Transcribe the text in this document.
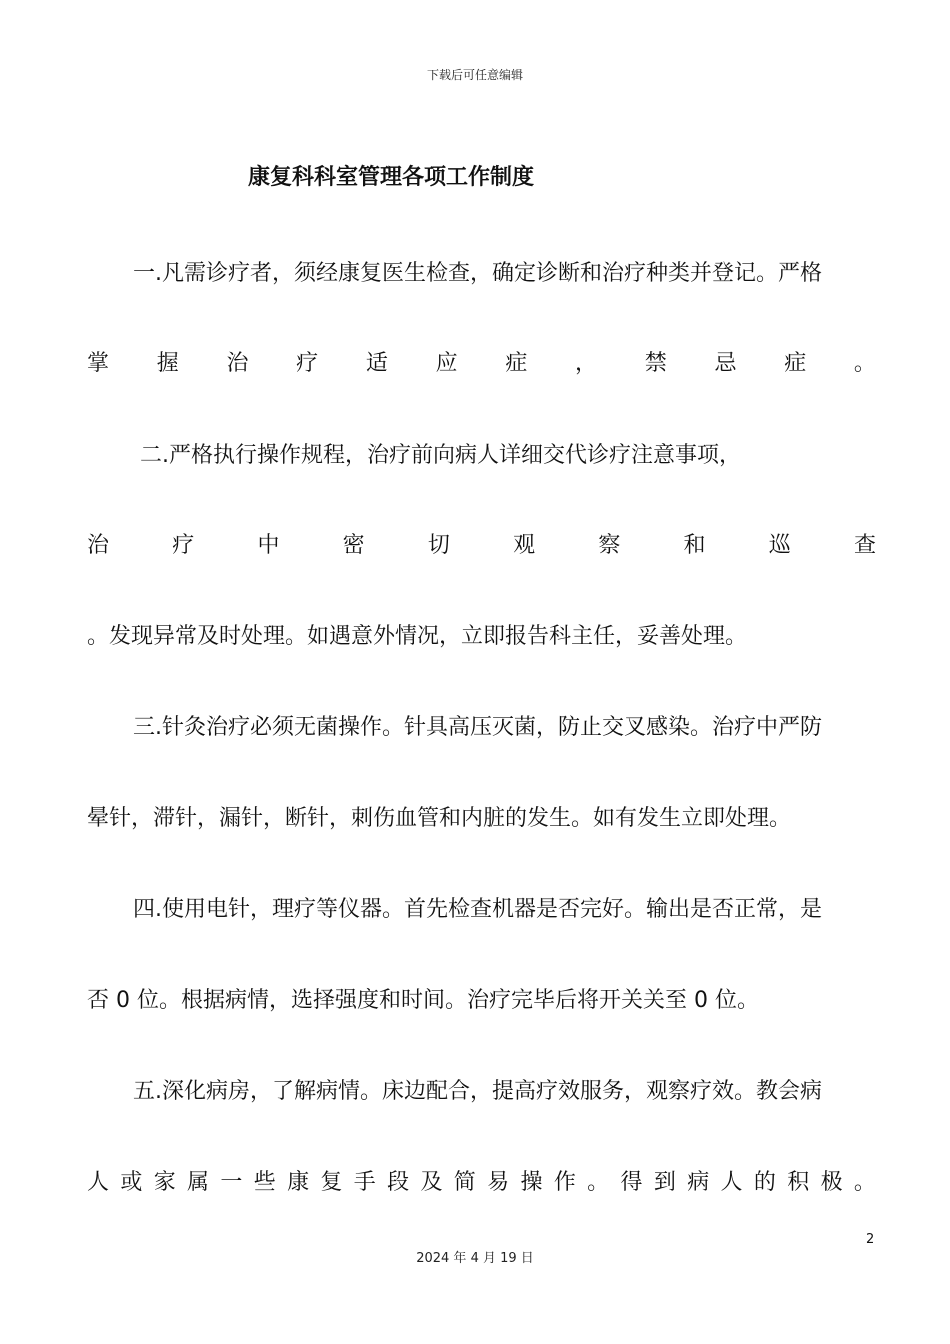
下载后可任意编辑
康复科科室管理各项工作制度
一.凡需诊疗者，须经康复医生检查，确定诊断和治疗种类并登记。严格
掌 握 治 疗 适 应 症 ， 禁 忌 症 。
二.严格执行操作规程，治疗前向病人详细交代诊疗注意事项，
治	疗	中	密	切	观	察	和	巡	查
。发现异常及时处理。如遇意外情况，立即报告科主任，妥善处理。
三.针灸治疗必须无菌操作。针具高压灭菌，防止交叉感染。治疗中严防
晕针，滞针，漏针，断针，刺伤血管和内脏的发生。如有发生立即处理。
四.使用电针，理疗等仪器。首先检查机器是否完好。输出是否正常，是
否 0 位。根据病情，选择强度和时间。治疗完毕后将开关关至 0 位。
五.深化病房，了解病情。床边配合，提高疗效服务，观察疗效。教会病
人 或 家 属 一 些 康 复 手 段 及 简 易 操 作 。 得 到 病 人 的 积 极 。
2
2024 年 4 月 19 日
